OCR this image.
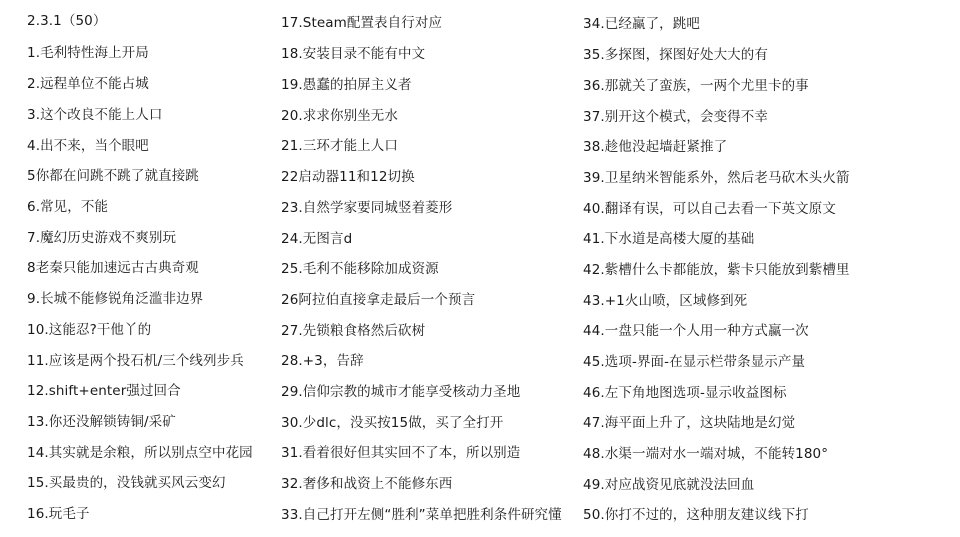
2.3.1（50）
1.毛利特性海上开局
2.远程单位不能占城
3.这个改良不能上人口
4.出不来，当个眼吧
5你都在问跳不跳了就直接跳
6.常见，不能
7.魔幻历史游戏不爽别玩
8老秦只能加速远古古典奇观
9.长城不能修锐角泛滥非边界
10.这能忍?干他丫的
11.应该是两个投石机/三个线列步兵
12.shift+enter强过回合
13.你还没解锁铸铜/采矿
14.其实就是余粮，所以别点空中花园
15.买最贵的，没钱就买风云变幻
16.玩毛子
17.Steam配置表自行对应
18.安装目录不能有中文
19.愚蠢的拍屏主义者
20.求求你别坐无水
21.三环才能上人口
22启动器11和12切换
23.自然学家要同城竖着菱形
24.无图言d
25.毛利不能移除加成资源
26阿拉伯直接拿走最后一个预言
27.先锁粮食格然后砍树
28.+3，告辞
29.信仰宗教的城市才能享受核动力圣地
30.少dlc，没买按15做，买了全打开
31.看着很好但其实回不了本，所以别造
32.奢侈和战资上不能修东西
33.自己打开左侧“胜利”菜单把胜利条件研究懂
34.已经赢了，跳吧
35.多探图，探图好处大大的有
36.那就关了蛮族，一两个尤里卡的事
37.别开这个模式，会变得不幸
38.趁他没起墙赶紧推了
39.卫星纳米智能系外，然后老马砍木头火箭
40.翻译有误，可以自己去看一下英文原文
41.下水道是高楼大厦的基础
42.紫槽什么卡都能放，紫卡只能放到紫槽里
43.+1火山喷，区域修到死
44.一盘只能一个人用一种方式赢一次
45.选项-界面-在显示栏带条显示产量
46.左下角地图选项-显示收益图标
47.海平面上升了，这块陆地是幻觉
48.水渠一端对水一端对城，不能转180°
49.对应战资见底就没法回血
50.你打不过的，这种朋友建议线下打
